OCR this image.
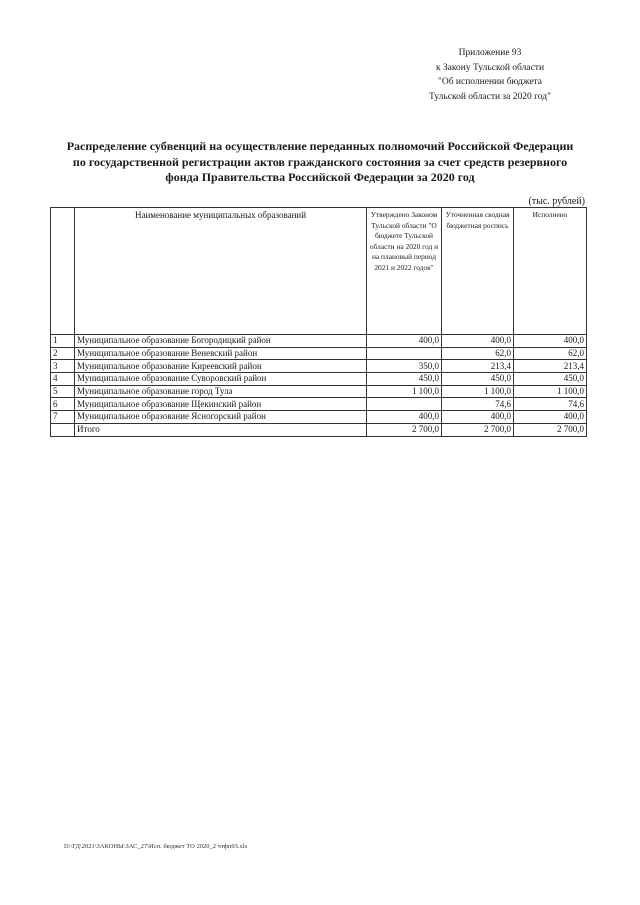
Приложение 93
к Закону Тульской области
"Об исполнении бюджета
Тульской области за 2020 год"
Распределение субвенций на осуществление переданных полномочий Российской Федерации
по государственной регистрации актов гражданского состояния за счет средств резервного
фонда Правительства Российской Федерации за 2020 год
(тыс. рублей)
	Наименование муниципальных образований	Утверждено Законом Тульской области "О бюджете Тульской области на 2020 год и на плановый период 2021 и 2022 годов"	Уточненная сводная бюджетная роспись	Исполнено
1	Муниципальное образование Богородицкий район	400,0	400,0	400,0
2	Муниципальное образование Веневский район		62,0	62,0
3	Муниципальное образование Киреевский район	350,0	213,4	213,4
4	Муниципальное образование Суворовский район	450,0	450,0	450,0
5	Муниципальное образование город Тула	1 100,0	1 100,0	1 100,0
6	Муниципальное образование Щекинский район		74,6	74,6
7	Муниципальное образование Ясногорский район	400,0	400,0	400,0
	Итого	2 700,0	2 700,0	2 700,0
D:\ГД\2021\ЗАКОНЫ\ЗАС_27\Исп. бюджет ТО 2020_2 чтфп93.xls
